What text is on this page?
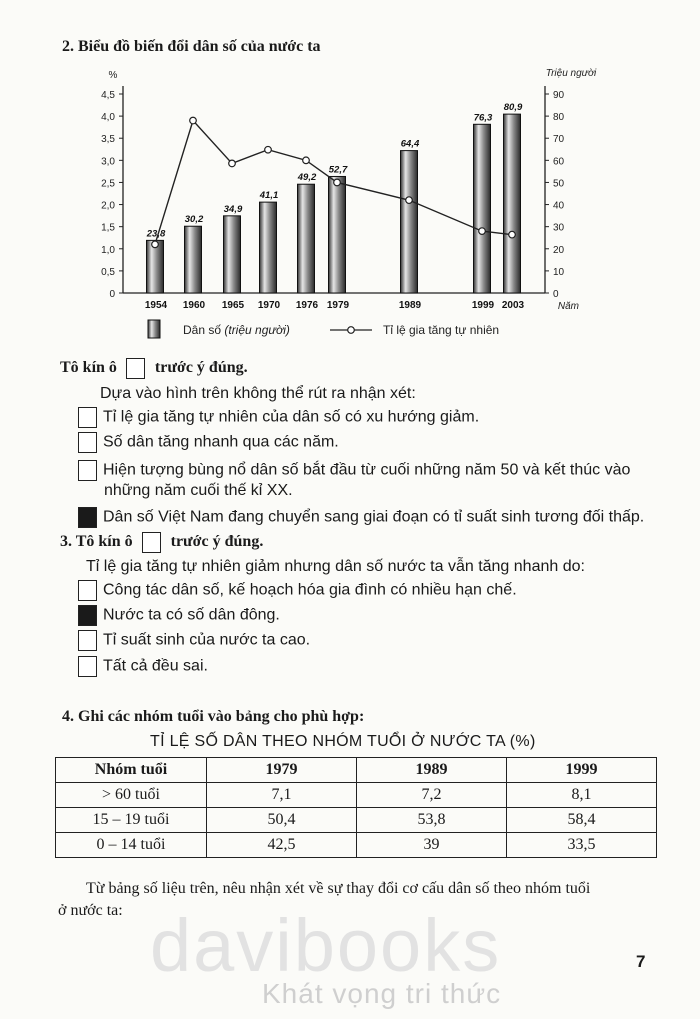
2. Biểu đồ biến đổi dân số của nước ta
0
0,5
1,0
1,5
2,0
2,5
3,0
3,5
4,0
4,5
0
10
20
30
40
50
60
70
80
90
%	Triệu người
Năm
23,8
30,2
34,9
41,1
49,2
52,7
64,4
76,3
80,9
1954 1960 1965 1970 1976 1979	1989	1999 2003
Dân số (triệu người)	Tỉ lệ gia tăng tự nhiên
Tô kín ô trước ý đúng.
Dựa vào hình trên không thể rút ra nhận xét:
Tỉ lệ gia tăng tự nhiên của dân số có xu hướng giảm.
Số dân tăng nhanh qua các năm.
Hiện tượng bùng nổ dân số bắt đầu từ cuối những năm 50 và kết thúc vào
những năm cuối thế kỉ XX.
Dân số Việt Nam đang chuyển sang giai đoạn có tỉ suất sinh tương đối thấp.
3. Tô kín ô trước ý đúng.
Tỉ lệ gia tăng tự nhiên giảm nhưng dân số nước ta vẫn tăng nhanh do:
Công tác dân số, kế hoạch hóa gia đình có nhiều hạn chế.
Nước ta có số dân đông.
Tỉ suất sinh của nước ta cao.
Tất cả đều sai.
4. Ghi các nhóm tuổi vào bảng cho phù hợp:
TỈ LỆ SỐ DÂN THEO NHÓM TUỔI Ở NƯỚC TA (%)
Nhóm tuổi	1979	1989	1999
> 60 tuổi	7,1	7,2	8,1
15 – 19 tuổi	50,4	53,8	58,4
0 – 14 tuổi	42,5	39	33,5
Từ bảng số liệu trên, nêu nhận xét về sự thay đổi cơ cấu dân số theo nhóm tuổi
ở nước ta: davibooks
Khát vọng tri thức
7
